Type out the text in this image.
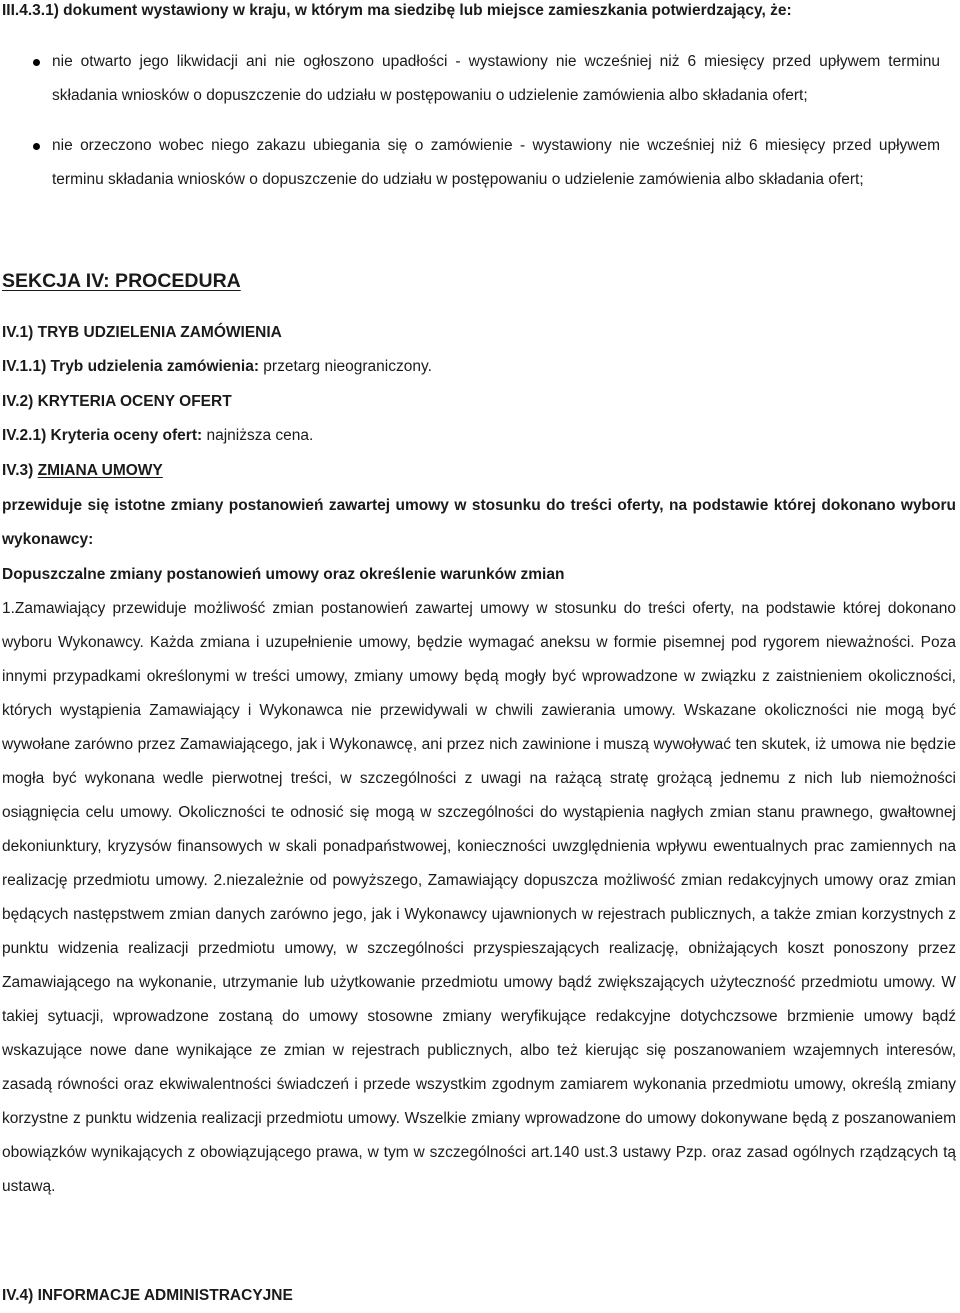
III.4.3.1) dokument wystawiony w kraju, w którym ma siedzibę lub miejsce zamieszkania potwierdzający, że:

nie otwarto jego likwidacji ani nie ogłoszono upadłości - wystawiony nie wcześniej niż 6 miesięcy przed upływem terminu składania wniosków o dopuszczenie do udziału w postępowaniu o udzielenie zamówienia albo składania ofert;
nie orzeczono wobec niego zakazu ubiegania się o zamówienie - wystawiony nie wcześniej niż 6 miesięcy przed upływem terminu składania wniosków o dopuszczenie do udziału w postępowaniu o udzielenie zamówienia albo składania ofert;

SEKCJA IV: PROCEDURA

IV.1) TRYB UDZIELENIA ZAMÓWIENIA
IV.1.1) Tryb udzielenia zamówienia: przetarg nieograniczony.
IV.2) KRYTERIA OCENY OFERT
IV.2.1) Kryteria oceny ofert: najniższa cena.
IV.3) ZMIANA UMOWY
przewiduje się istotne zmiany postanowień zawartej umowy w stosunku do treści oferty, na podstawie której dokonano wyboru wykonawcy:
Dopuszczalne zmiany postanowień umowy oraz określenie warunków zmian
1.Zamawiający przewiduje możliwość zmian postanowień zawartej umowy w stosunku do treści oferty, na podstawie której dokonano wyboru Wykonawcy. Każda zmiana i uzupełnienie umowy, będzie wymagać aneksu w formie pisemnej pod rygorem nieważności. Poza innymi przypadkami określonymi w treści umowy, zmiany umowy będą mogły być wprowadzone w związku z zaistnieniem okoliczności, których wystąpienia Zamawiający i Wykonawca nie przewidywali w chwili zawierania umowy. Wskazane okoliczności nie mogą być wywołane zarówno przez Zamawiającego, jak i Wykonawcę, ani przez nich zawinione i muszą wywoływać ten skutek, iż umowa nie będzie mogła być wykonana wedle pierwotnej treści, w szczególności z uwagi na rażącą stratę grożącą jednemu z nich lub niemożności osiągnięcia celu umowy. Okoliczności te odnosić się mogą w szczególności do wystąpienia nagłych zmian stanu prawnego, gwałtownej dekoniunktury, kryzysów finansowych w skali ponadpaństwowej, konieczności uwzględnienia wpływu ewentualnych prac zamiennych na realizację przedmiotu umowy. 2.niezależnie od powyższego, Zamawiający dopuszcza możliwość zmian redakcyjnych umowy oraz zmian będących następstwem zmian danych zarówno jego, jak i Wykonawcy ujawnionych w rejestrach publicznych, a także zmian korzystnych z punktu widzenia realizacji przedmiotu umowy, w szczególności przyspieszających realizację, obniżających koszt ponoszony przez Zamawiającego na wykonanie, utrzymanie lub użytkowanie przedmiotu umowy bądź zwiększających użyteczność przedmiotu umowy. W takiej sytuacji, wprowadzone zostaną do umowy stosowne zmiany weryfikujące redakcyjne dotychczsowe brzmienie umowy bądź wskazujące nowe dane wynikające ze zmian w rejestrach publicznych, albo też kierując się poszanowaniem wzajemnych interesów, zasadą równości oraz ekwiwalentności świadczeń i przede wszystkim zgodnym zamiarem wykonania przedmiotu umowy, określą zmiany korzystne z punktu widzenia realizacji przedmiotu umowy. Wszelkie zmiany wprowadzone do umowy dokonywane będą z poszanowaniem obowiązków wynikających z obowiązującego prawa, w tym w szczególności art.140 ust.3 ustawy Pzp. oraz zasad ogólnych rządzących tą ustawą.
IV.4) INFORMACJE ADMINISTRACYJNE
